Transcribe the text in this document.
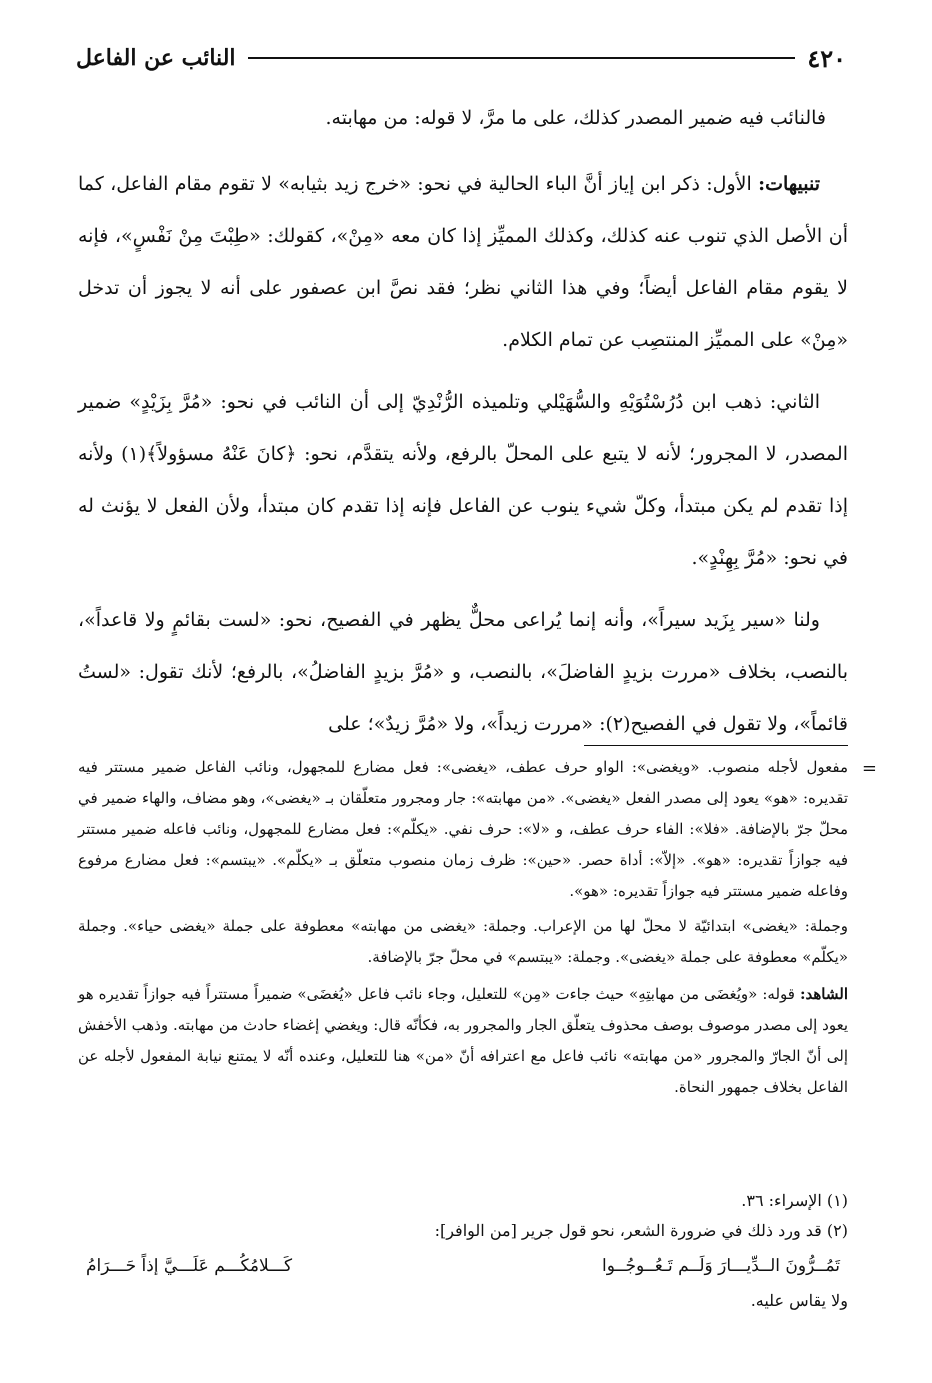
٤٢٠
النائب عن الفاعل

فالنائب فيه ضمير المصدر كذلك، على ما مرَّ، لا قوله: من مهابته.

تنبيهات: الأول: ذكر ابن إياز أنَّ الباء الحالية في نحو: «خرج زيد بثيابه» لا تقوم مقام الفاعل، كما أن الأصل الذي تنوب عنه كذلك، وكذلك المميِّز إذا كان معه «مِنْ»، كقولك: «طِبْتَ مِنْ نَفْسٍ»، فإنه لا يقوم مقام الفاعل أيضاً؛ وفي هذا الثاني نظر؛ فقد نصَّ ابن عصفور على أنه لا يجوز أن تدخل «مِنْ» على المميِّز المنتصِب عن تمام الكلام.

الثاني: ذهب ابن دُرُسْتُوَيْهِ والسُّهَيْلي وتلميذه الرُّنْدِيّ إلى أن النائب في نحو: «مُرَّ بِزَيْدٍ» ضمير المصدر، لا المجرور؛ لأنه لا يتبع على المحلّ بالرفع، ولأنه يتقدَّم، نحو: ﴿كانَ عَنْهُ مسؤولاً﴾(١) ولأنه إذا تقدم لم يكن مبتدأ، وكلّ شيء ينوب عن الفاعل فإنه إذا تقدم كان مبتدأ، ولأن الفعل لا يؤنث له في نحو: «مُرَّ بِهِنْدٍ».

ولنا «سير بِزَيد سيراً»، وأنه إنما يُراعى محلٌّ يظهر في الفصيح، نحو: «لست بقائمٍ ولا قاعداً»، بالنصب، بخلاف «مررت بزيدٍ الفاضلَ»، بالنصب، و «مُرَّ بزيدٍ الفاضلُ»، بالرفع؛ لأنك تقول: «لستُ قائماً»، ولا تقول في الفصيح(٢): «مررت زيداً»، ولا «مُرَّ زيدٌ»؛ على

=

مفعول لأجله منصوب. «ويغضى»: الواو حرف عطف، «يغضى»: فعل مضارع للمجهول، ونائب الفاعل ضمير مستتر فيه تقديره: «هو» يعود إلى مصدر الفعل «يغضى». «من مهابته»: جار ومجرور متعلّقان بـ «يغضى»، وهو مضاف، والهاء ضمير في محلّ جرّ بالإضافة. «فلا»: الفاء حرف عطف، و «لا»: حرف نفي. «يكلّم»: فعل مضارع للمجهول، ونائب فاعله ضمير مستتر فيه جوازاً تقديره: «هو». «إلاّ»: أداة حصر. «حين»: ظرف زمان منصوب متعلّق بـ «يكلّم». «يبتسم»: فعل مضارع مرفوع وفاعله ضمير مستتر فيه جوازاً تقديره: «هو».

وجملة: «يغضى» ابتدائيّة لا محلّ لها من الإعراب. وجملة: «يغضى من مهابته» معطوفة على جملة «يغضى حياء». وجملة «يكلّم» معطوفة على جملة «يغضى». وجملة: «يبتسم» في محلّ جرّ بالإضافة.

الشاهد: قوله: «ويُغضَى من مهابتِهِ» حيث جاءت «مِن» للتعليل، وجاء نائب فاعل «يُغضَى» ضميراً مستتراً فيه جوازاً تقديره هو يعود إلى مصدر موصوف بوصف محذوف يتعلّق الجار والمجرور به، فكأنّه قال: ويغضي إغضاء حادث من مهابته. وذهب الأخفش إلى أنّ الجارّ والمجرور «من مهابته» نائب فاعل مع اعترافه أنّ «من» هنا للتعليل، وعنده أنّه لا يمتنع نيابة المفعول لأجله عن الفاعل بخلاف جمهور النحاة.

(١) الإسراء: ٣٦.

(٢) قد ورد ذلك في ضرورة الشعر، نحو قول جرير [من الوافر]:

تَمُــرُّونَ الــدِّيـــارَ وَلَــم تَـعُــوجُــوا
كَـــلامُكُـــم عَلَـــيَّ إذاً حَـــرَامُ

ولا يقاس عليه.
